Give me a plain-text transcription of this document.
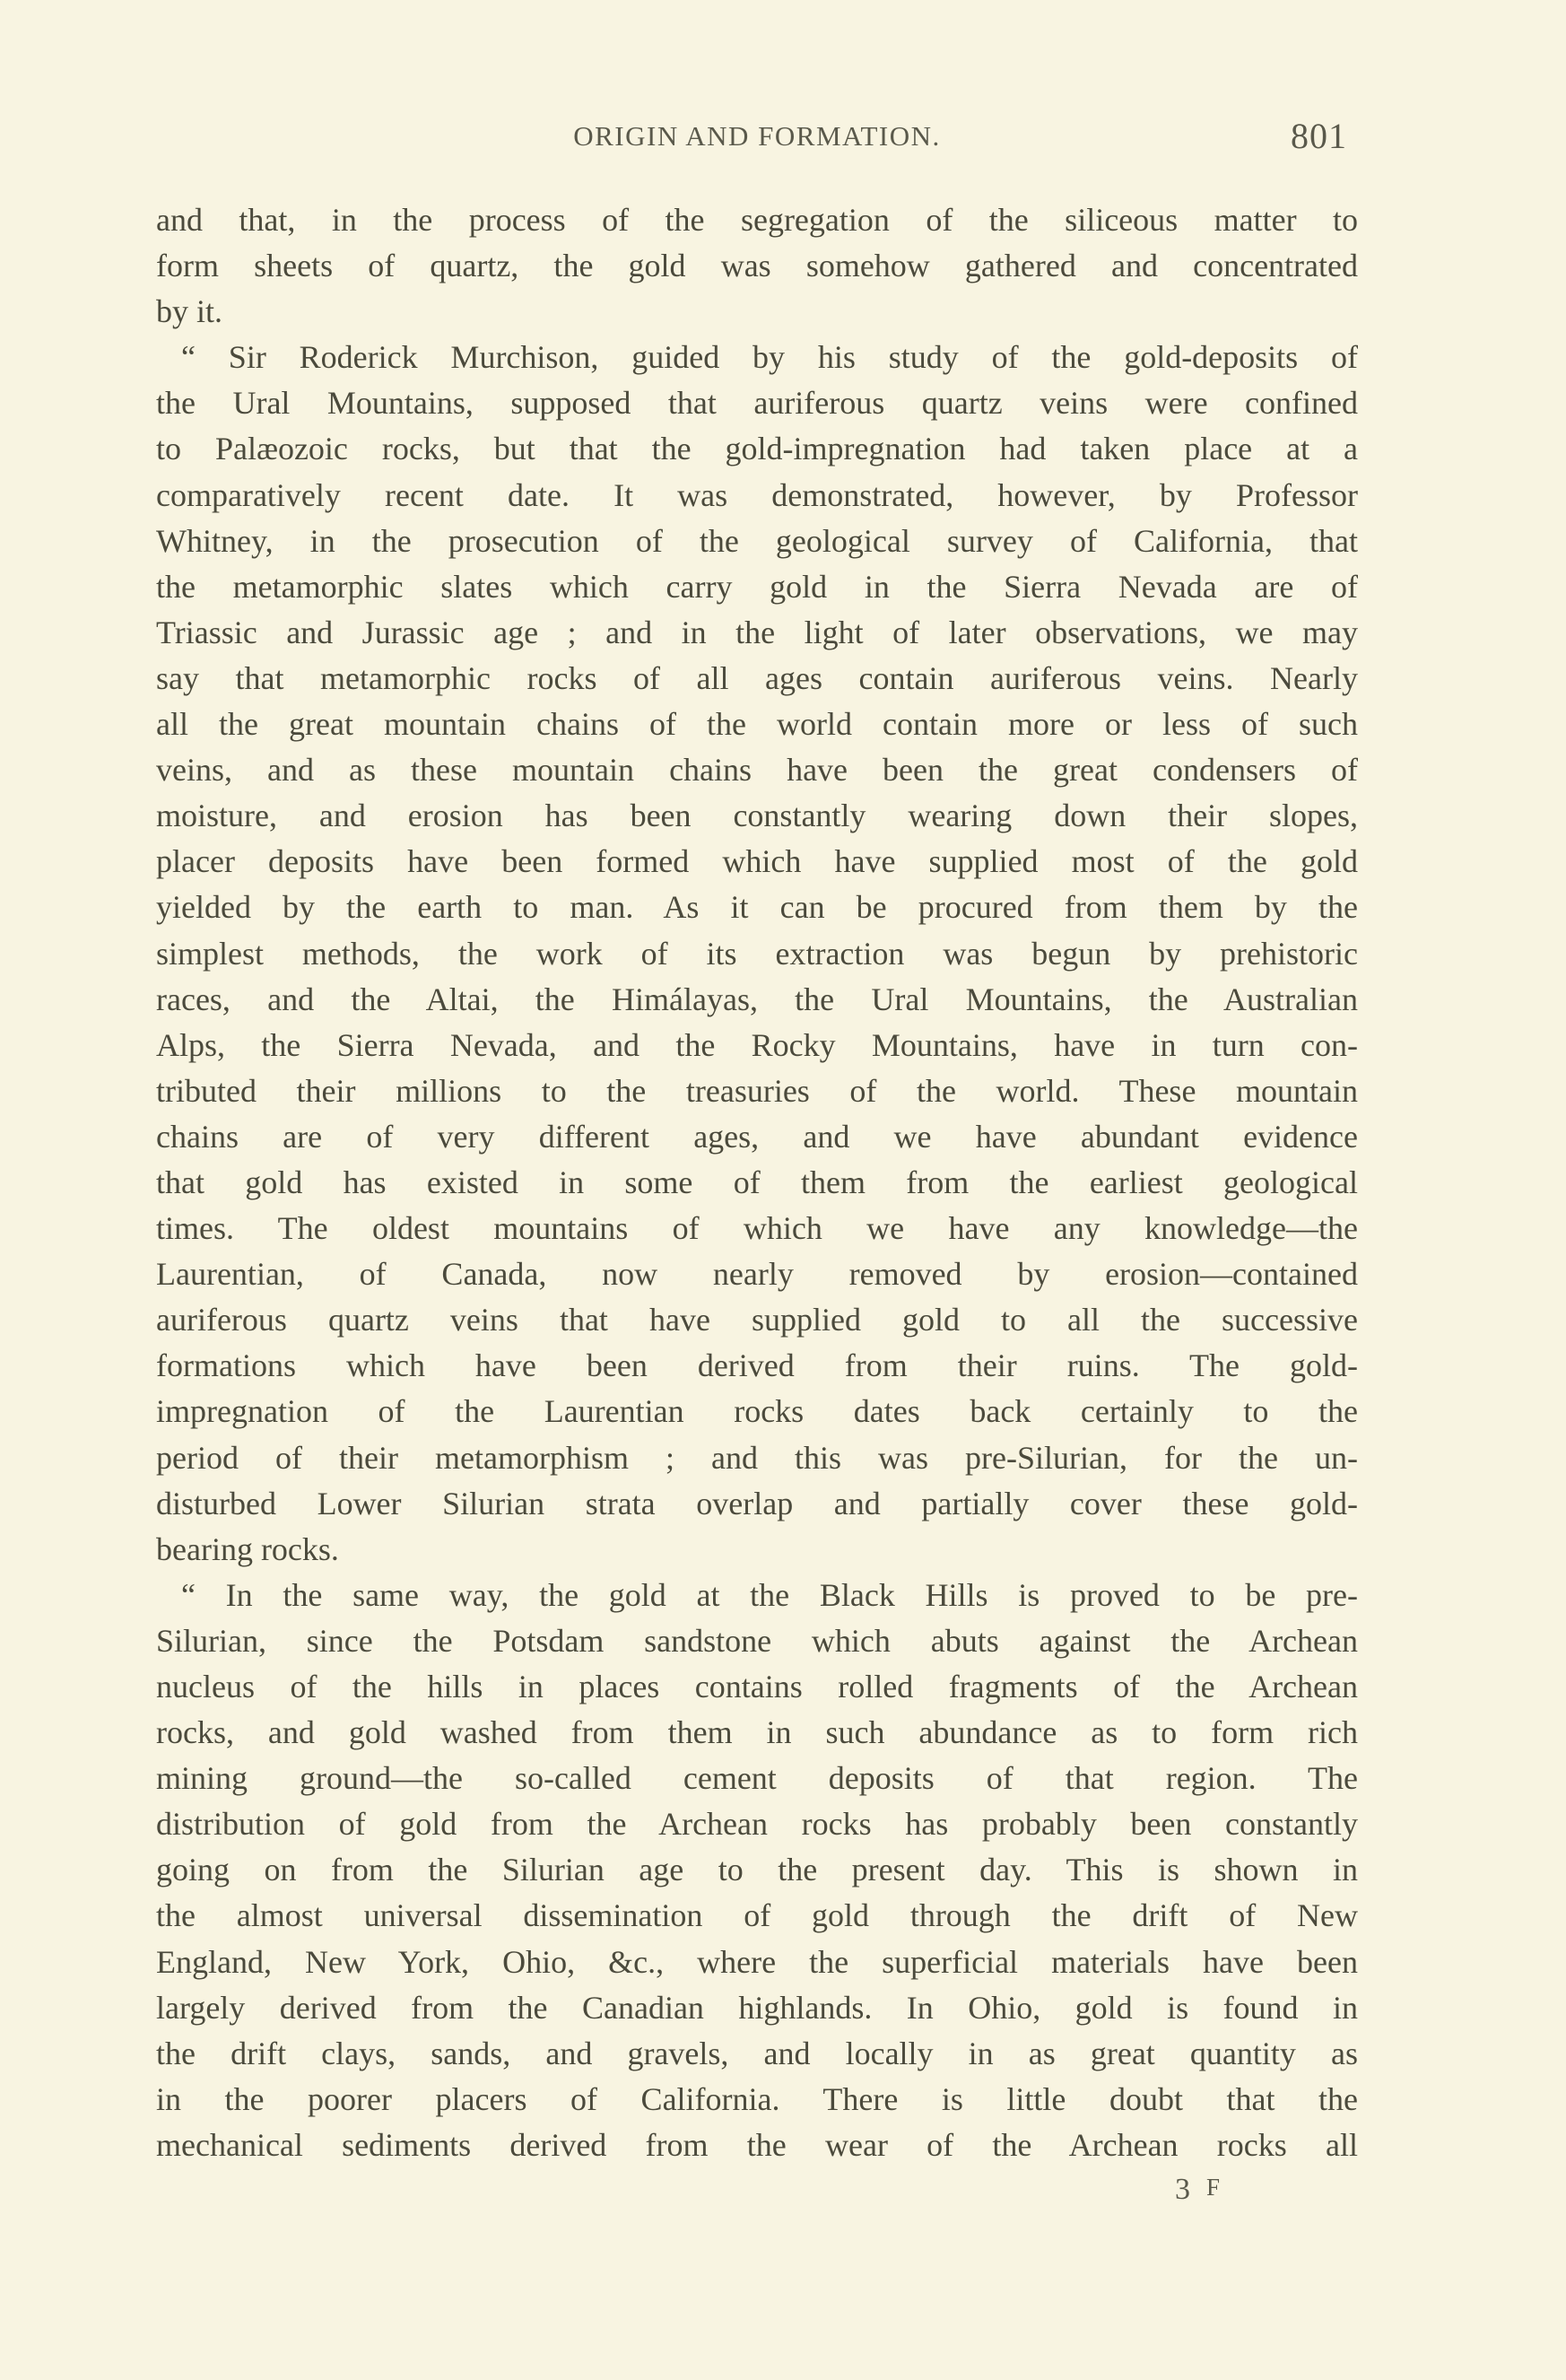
ORIGIN AND FORMATION.	801
and that, in the process of the segregation of the siliceous matter to
form sheets of quartz, the gold was somehow gathered and concentrated
by it.
“ Sir Roderick Murchison, guided by his study of the gold-deposits of
the Ural Mountains, supposed that auriferous quartz veins were confined
to Palæozoic rocks, but that the gold-impregnation had taken place at a
comparatively recent date. It was demonstrated, however, by Professor
Whitney, in the prosecution of the geological survey of California, that
the metamorphic slates which carry gold in the Sierra Nevada are of
Triassic and Jurassic age ; and in the light of later observations, we may
say that metamorphic rocks of all ages contain auriferous veins. Nearly
all the great mountain chains of the world contain more or less of such
veins, and as these mountain chains have been the great condensers of
moisture, and erosion has been constantly wearing down their slopes,
placer deposits have been formed which have supplied most of the gold
yielded by the earth to man. As it can be procured from them by the
simplest methods, the work of its extraction was begun by prehistoric
races, and the Altai, the Himálayas, the Ural Mountains, the Australian
Alps, the Sierra Nevada, and the Rocky Mountains, have in turn con-
tributed their millions to the treasuries of the world. These mountain
chains are of very different ages, and we have abundant evidence
that gold has existed in some of them from the earliest geological
times. The oldest mountains of which we have any knowledge—the
Laurentian, of Canada, now nearly removed by erosion—contained
auriferous quartz veins that have supplied gold to all the successive
formations which have been derived from their ruins. The gold-
impregnation of the Laurentian rocks dates back certainly to the
period of their metamorphism ; and this was pre-Silurian, for the un-
disturbed Lower Silurian strata overlap and partially cover these gold-
bearing rocks.
“ In the same way, the gold at the Black Hills is proved to be pre-
Silurian, since the Potsdam sandstone which abuts against the Archean
nucleus of the hills in places contains rolled fragments of the Archean
rocks, and gold washed from them in such abundance as to form rich
mining ground—the so-called cement deposits of that region. The
distribution of gold from the Archean rocks has probably been constantly
going on from the Silurian age to the present day. This is shown in
the almost universal dissemination of gold through the drift of New
England, New York, Ohio, &c., where the superficial materials have been
largely derived from the Canadian highlands. In Ohio, gold is found in
the drift clays, sands, and gravels, and locally in as great quantity as
in the poorer placers of California. There is little doubt that the
mechanical sediments derived from the wear of the Archean rocks all
3 F
